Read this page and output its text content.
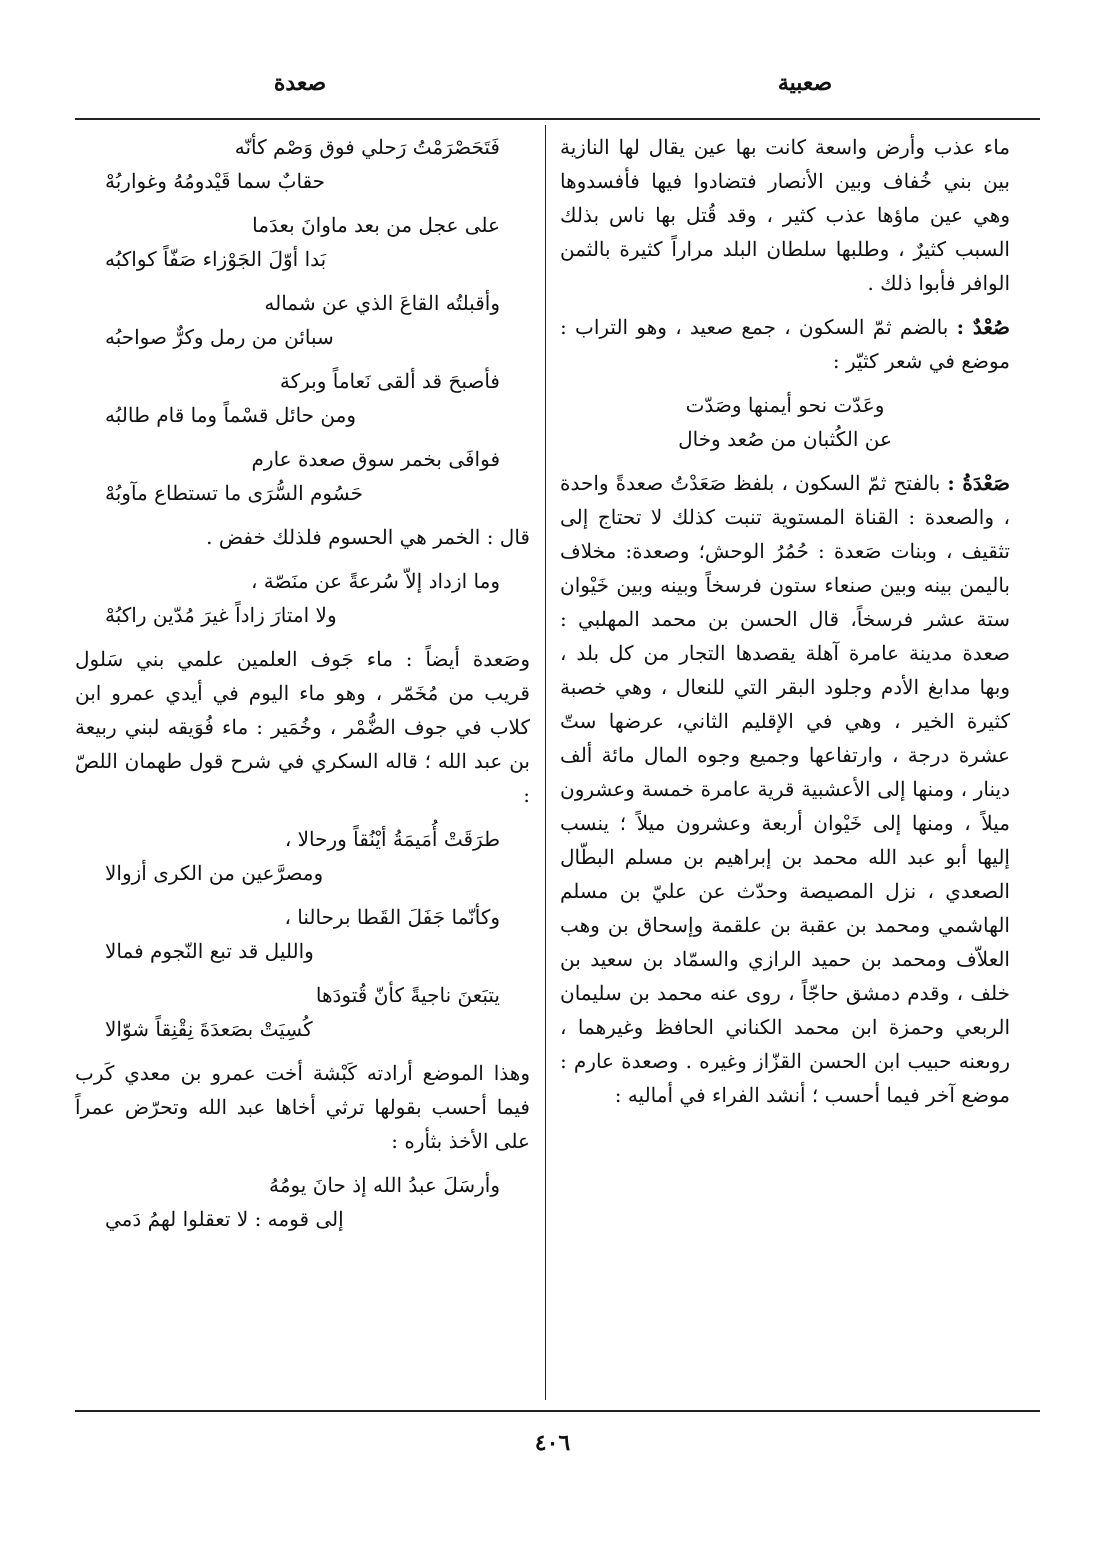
صعبية
صعدة
ماء عذب وأرض واسعة كانت بها عين يقال لها النازية بين بني خُفاف وبين الأنصار فتضادوا فيها فأفسدوها وهي عين ماؤها عذب كثير ، وقد قُتل بها ناس بذلك السبب كثيرٌ ، وطلبها سلطان البلد مراراً كثيرة بالثمن الوافر فأبوا ذلك .
صُعْدٌ : بالضم ثمّ السكون ، جمع صعيد ، وهو التراب : موضع في شعر كثيّر :
وعَدّت نحو أيمنها وصَدّت
عن الكُثبان من صُعد وخال
صَعْدَةُ : بالفتح ثمّ السكون ، بلفظ صَعَدْتُ صعدةً واحدة ، والصعدة : القناة المستوية تنبت كذلك لا تحتاج إلى تثقيف ، وبنات صَعدة : حُمُرُ الوحش؛ وصعدة: مخلاف باليمن بينه وبين صنعاء ستون فرسخاً وبينه وبين خَيْوان ستة عشر فرسخاً، قال الحسن بن محمد المهلبي : صعدة مدينة عامرة آهلة يقصدها التجار من كل بلد ، وبها مدابغ الأدم وجلود البقر التي للنعال ، وهي خصبة كثيرة الخير ، وهي في الإقليم الثاني، عرضها ستّ عشرة درجة ، وارتفاعها وجميع وجوه المال مائة ألف دينار ، ومنها إلى الأعشبية قرية عامرة خمسة وعشرون ميلاً ، ومنها إلى خَيْوان أربعة وعشرون ميلاً ؛ ينسب إليها أبو عبد الله محمد بن إبراهيم بن مسلم البطّال الصعدي ، نزل المصيصة وحدّث عن عليّ بن مسلم الهاشمي ومحمد بن عقبة بن علقمة وإسحاق بن وهب العلاّف ومحمد بن حميد الرازي والسمّاد بن سعيد بن خلف ، وقدم دمشق حاجّاً ، روى عنه محمد بن سليمان الربعي وحمزة ابن محمد الكناني الحافظ وغيرهما ، روىعنه حبيب ابن الحسن القزّاز وغيره . وصعدة عارم : موضع آخر فيما أحسب ؛ أنشد الفراء في أماليه :
فَتَحَصْرَمْتُ رَحلي فوق وَصْم كأنّه
حقابٌ سما قَيْدومُهُ وغواربُهْ
على عجل من بعد ماوانَ بعدَما
بَدا أوّلَ الجَوْزاء صَفّاً كواكبُه
وأقبلتُه القاعَ الذي عن شماله
سبائن من رمل وكرٌّ صواحبُه
فأصبحَ قد ألقى نَعاماً وبركة
ومن حائل قسْماً وما قام طالبُه
فوافَى بخمر سوق صعدة عارم
حَسُوم السُّرَى ما تستطاع مآوبُهْ
قال : الخمر هي الحسوم فلذلك خفض .
وما ازداد إلاّ سُرعةً عن منَصّة ،
ولا امتارَ زاداً غيرَ مُدّين راكبُهْ
وصَعدة أيضاً : ماء جَوف العلمين علمي بني سَلول قريب من مُخَمّر ، وهو ماء اليوم في أيدي عمرو ابن كلاب في جوف الضُّمْر ، وخُمَير : ماء فُوَيقه لبني ربيعة بن عبد الله ؛ قاله السكري في شرح قول طهمان اللصّ :
طرَقَتْ أُمَيمَةُ أيْنُقاً ورحالا ،
ومصرَّعين من الكرى أزوالا
وكأنّما جَفَلَ القَطا برحالنا ،
والليل قد تبع النّجوم فمالا
يتبَعنَ ناجيةً كأنّ قُتودَها
كُسِيَتْ بصَعدَةَ نِقْنِقاً شوّالا
وهذا الموضع أرادته كَبْشة أخت عمرو بن معدي كَرب فيما أحسب بقولها ترثي أخاها عبد الله وتحرّض عمراً على الأخذ بثأره :
وأرسَلَ عبدُ الله إذ حانَ يومُهُ
إلى قومه : لا تعقلوا لهمُ دَمي
٤٠٦
